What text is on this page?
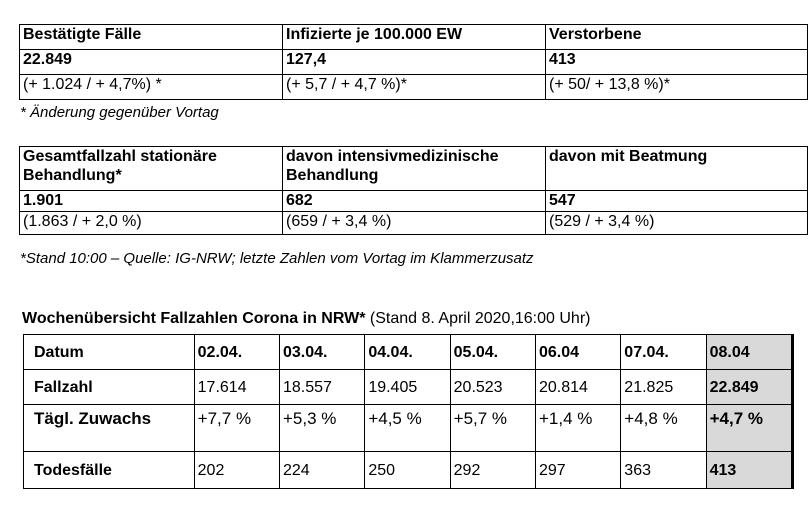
Bestätigte Fälle	Infizierte je 100.000 EW	Verstorbene
22.849	127,4	413
(+ 1.024 / + 4,7%) *	(+ 5,7 / + 4,7 %)*	(+ 50/ + 13,8 %)*
* Änderung gegenüber Vortag
Gesamtfallzahl stationäre Behandlung*	davon intensivmedizinische Behandlung	davon mit Beatmung
1.901	682	547
(1.863 / + 2,0 %)	(659 / + 3,4 %)	(529 / + 3,4 %)
*Stand 10:00 – Quelle: IG-NRW; letzte Zahlen vom Vortag im Klammerzusatz
Wochenübersicht Fallzahlen Corona in NRW* (Stand 8. April 2020,16:00 Uhr)
Datum	02.04.	03.04.	04.04.	05.04.	06.04	07.04.	08.04
Fallzahl	17.614	18.557	19.405	20.523	20.814	21.825	22.849
Tägl. Zuwachs	+7,7 %	+5,3 %	+4,5 %	+5,7 %	+1,4 %	+4,8 %	+4,7 %
Todesfälle	202	224	250	292	297	363	413
